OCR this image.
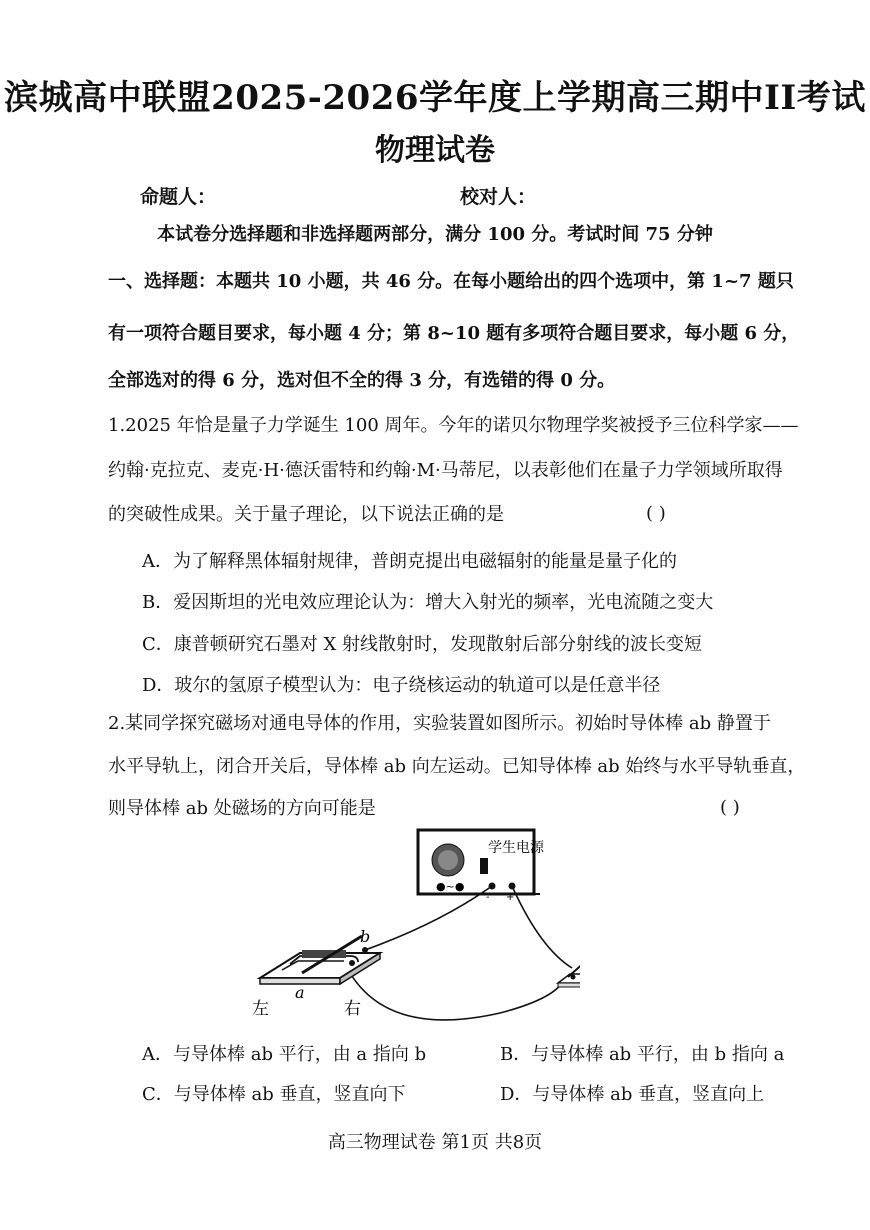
滨城高中联盟2025-2026学年度上学期高三期中II考试
物理试卷
命题人：	校对人：
本试卷分选择题和非选择题两部分，满分 100 分。考试时间 75 分钟
一、选择题：本题共 10 小题，共 46 分。在每小题给出的四个选项中，第 1~7 题只
有一项符合题目要求，每小题 4 分；第 8~10 题有多项符合题目要求，每小题 6 分，
全部选对的得 6 分，选对但不全的得 3 分，有选错的得 0 分。
1.2025 年恰是量子力学诞生 100 周年。今年的诺贝尔物理学奖被授予三位科学家——
约翰·克拉克、麦克·H·德沃雷特和约翰·M·马蒂尼，以表彰他们在量子力学领域所取得
的突破性成果。关于量子理论，以下说法正确的是	( )
A．为了解释黑体辐射规律，普朗克提出电磁辐射的能量是量子化的
B．爱因斯坦的光电效应理论认为：增大入射光的频率，光电流随之变大
C．康普顿研究石墨对 X 射线散射时，发现散射后部分射线的波长变短
D．玻尔的氢原子模型认为：电子绕核运动的轨道可以是任意半径
2.某同学探究磁场对通电导体的作用，实验装置如图所示。初始时导体棒 ab 静置于
水平导轨上，闭合开关后，导体棒 ab 向左运动。已知导体棒 ab 始终与水平导轨垂直，
则导体棒 ab 处磁场的方向可能是	( )
学生电源
●~●
- +
b
a
左	右
A．与导体棒 ab 平行，由 a 指向 b	B．与导体棒 ab 平行，由 b 指向 a
C．与导体棒 ab 垂直，竖直向下	D．与导体棒 ab 垂直，竖直向上
高三物理试卷 第1页 共8页
